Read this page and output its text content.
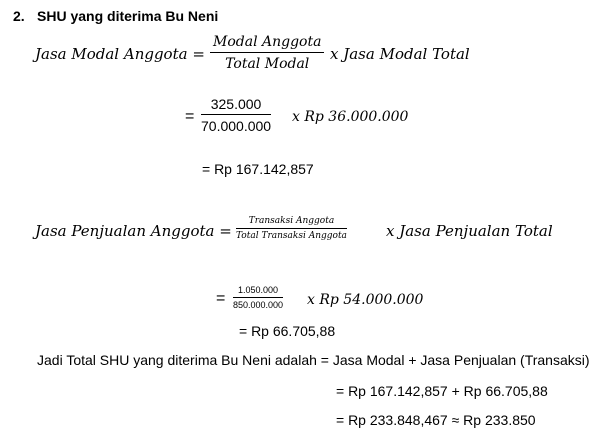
2. SHU yang diterima Bu Neni
Jasa Modal Anggota =
Modal Anggota
Total Modal
x Jasa Modal Total
=
325.000
70.000.000
x Rp 36.000.000
= Rp 167.142,857
Jasa Penjualan Anggota =
Transaksi Anggota
Total Transaksi Anggota	x Jasa Penjualan Total
= 1.050.000
850.000.000 x Rp 54.000.000
= Rp 66.705,88
Jadi Total SHU yang diterima Bu Neni adalah = Jasa Modal + Jasa Penjualan (Transaksi)
= Rp 167.142,857 + Rp 66.705,88
= Rp 233.848,467 ≈ Rp 233.850
